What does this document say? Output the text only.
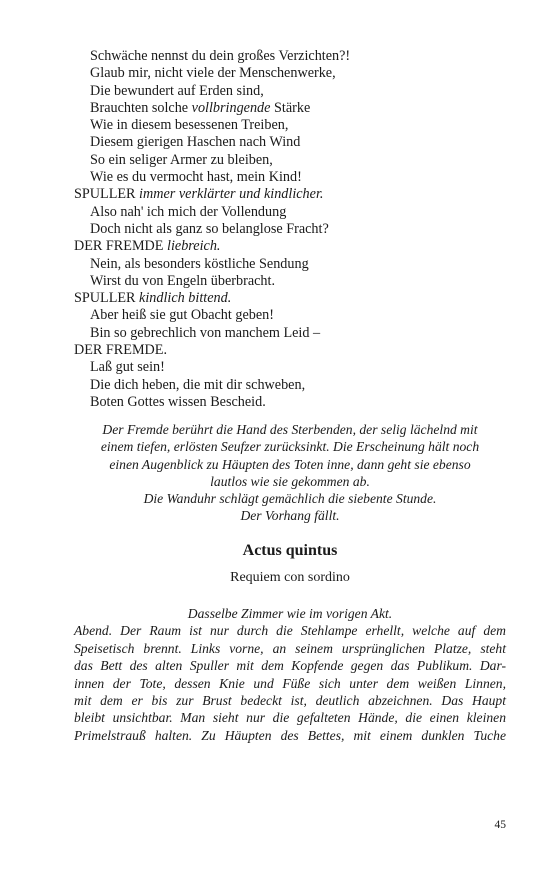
Schwäche nennst du dein großes Verzichten?!
Glaub mir, nicht viele der Menschenwerke,
Die bewundert auf Erden sind,
Brauchten solche vollbringende Stärke
Wie in diesem besessenen Treiben,
Diesem gierigen Haschen nach Wind
So ein seliger Armer zu bleiben,
Wie es du vermocht hast, mein Kind!
SPULLER immer verklärter und kindlicher.
Also nah' ich mich der Vollendung
Doch nicht als ganz so belanglose Fracht?
DER FREMDE liebreich.
Nein, als besonders köstliche Sendung
Wirst du von Engeln überbracht.
SPULLER kindlich bittend.
Aber heiß sie gut Obacht geben!
Bin so gebrechlich von manchem Leid –
DER FREMDE.
Laß gut sein!
Die dich heben, die mit dir schweben,
Boten Gottes wissen Bescheid.
Der Fremde berührt die Hand des Sterbenden, der selig lächelnd mit
einem tiefen, erlösten Seufzer zurücksinkt. Die Erscheinung hält noch
einen Augenblick zu Häupten des Toten inne, dann geht sie ebenso
lautlos wie sie gekommen ab.
Die Wanduhr schlägt gemächlich die siebente Stunde.
Der Vorhang fällt.
Actus quintus
Requiem con sordino
Dasselbe Zimmer wie im vorigen Akt.
Abend. Der Raum ist nur durch die Stehlampe erhellt, welche auf dem
Speisetisch brennt. Links vorne, an seinem ursprünglichen Platze, steht
das Bett des alten Spuller mit dem Kopfende gegen das Publikum. Dar-
innen der Tote, dessen Knie und Füße sich unter dem weißen Linnen,
mit dem er bis zur Brust bedeckt ist, deutlich abzeichnen. Das Haupt
bleibt unsichtbar. Man sieht nur die gefalteten Hände, die einen kleinen
Primelstrauß halten. Zu Häupten des Bettes, mit einem dunklen Tuche
45
